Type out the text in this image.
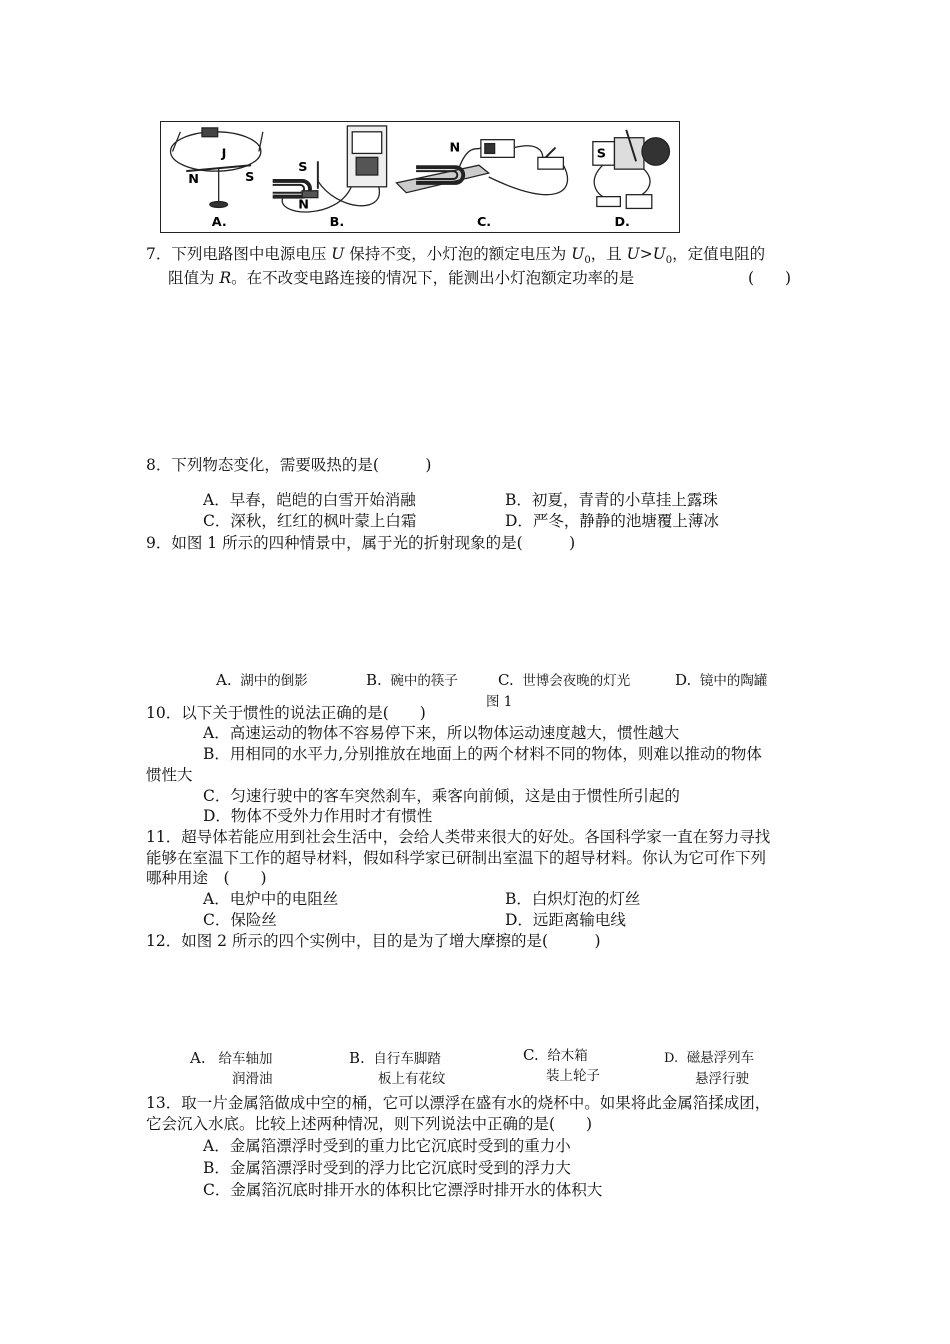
N	S
J
A.
S
N
B.
N
C.
S
D.
7．下列电路图中电源电压 U 保持不变，小灯泡的额定电压为 $U_0$，且 $U>U_0$，定值电阻的
阻值为 R。在不改变电路连接的情况下，能测出小灯泡额定功率的是	(　　)
8．下列物态变化，需要吸热的是(　　　)
A．早春，皑皑的白雪开始消融	B．初夏，青青的小草挂上露珠
C．深秋，红红的枫叶蒙上白霜	D．严冬，静静的池塘覆上薄冰
9．如图 1 所示的四种情景中，属于光的折射现象的是(　　　)
A. 湖中的倒影	B. 碗中的筷子	C. 世博会夜晚的灯光	D. 镜中的陶罐
图 1
10．以下关于惯性的说法正确的是(　　)
A．高速运动的物体不容易停下来，所以物体运动速度越大，惯性越大
B．用相同的水平力,分别推放在地面上的两个材料不同的物体，则难以推动的物体
惯性大
C．匀速行驶中的客车突然刹车，乘客向前倾，这是由于惯性所引起的
D．物体不受外力作用时才有惯性
11．超导体若能应用到社会生活中，会给人类带来很大的好处。各国科学家一直在努力寻找
能够在室温下工作的超导材料，假如科学家已研制出室温下的超导材料。你认为它可作下列
哪种用途　(　　)
A．电炉中的电阻丝	B．白炽灯泡的灯丝
C．保险丝	D．远距离输电线
12．如图 2 所示的四个实例中，目的是为了增大摩擦的是(　　　)
A. 给车轴加
润滑油
B. 自行车脚踏
板上有花纹
C. 给木箱
装上轮子
D. 磁悬浮列车
悬浮行驶
13．取一片金属箔做成中空的桶，它可以漂浮在盛有水的烧杯中。如果将此金属箔揉成团，
它会沉入水底。比较上述两种情况，则下列说法中正确的是(　　)
A．金属箔漂浮时受到的重力比它沉底时受到的重力小
B．金属箔漂浮时受到的浮力比它沉底时受到的浮力大
C．金属箔沉底时排开水的体积比它漂浮时排开水的体积大
